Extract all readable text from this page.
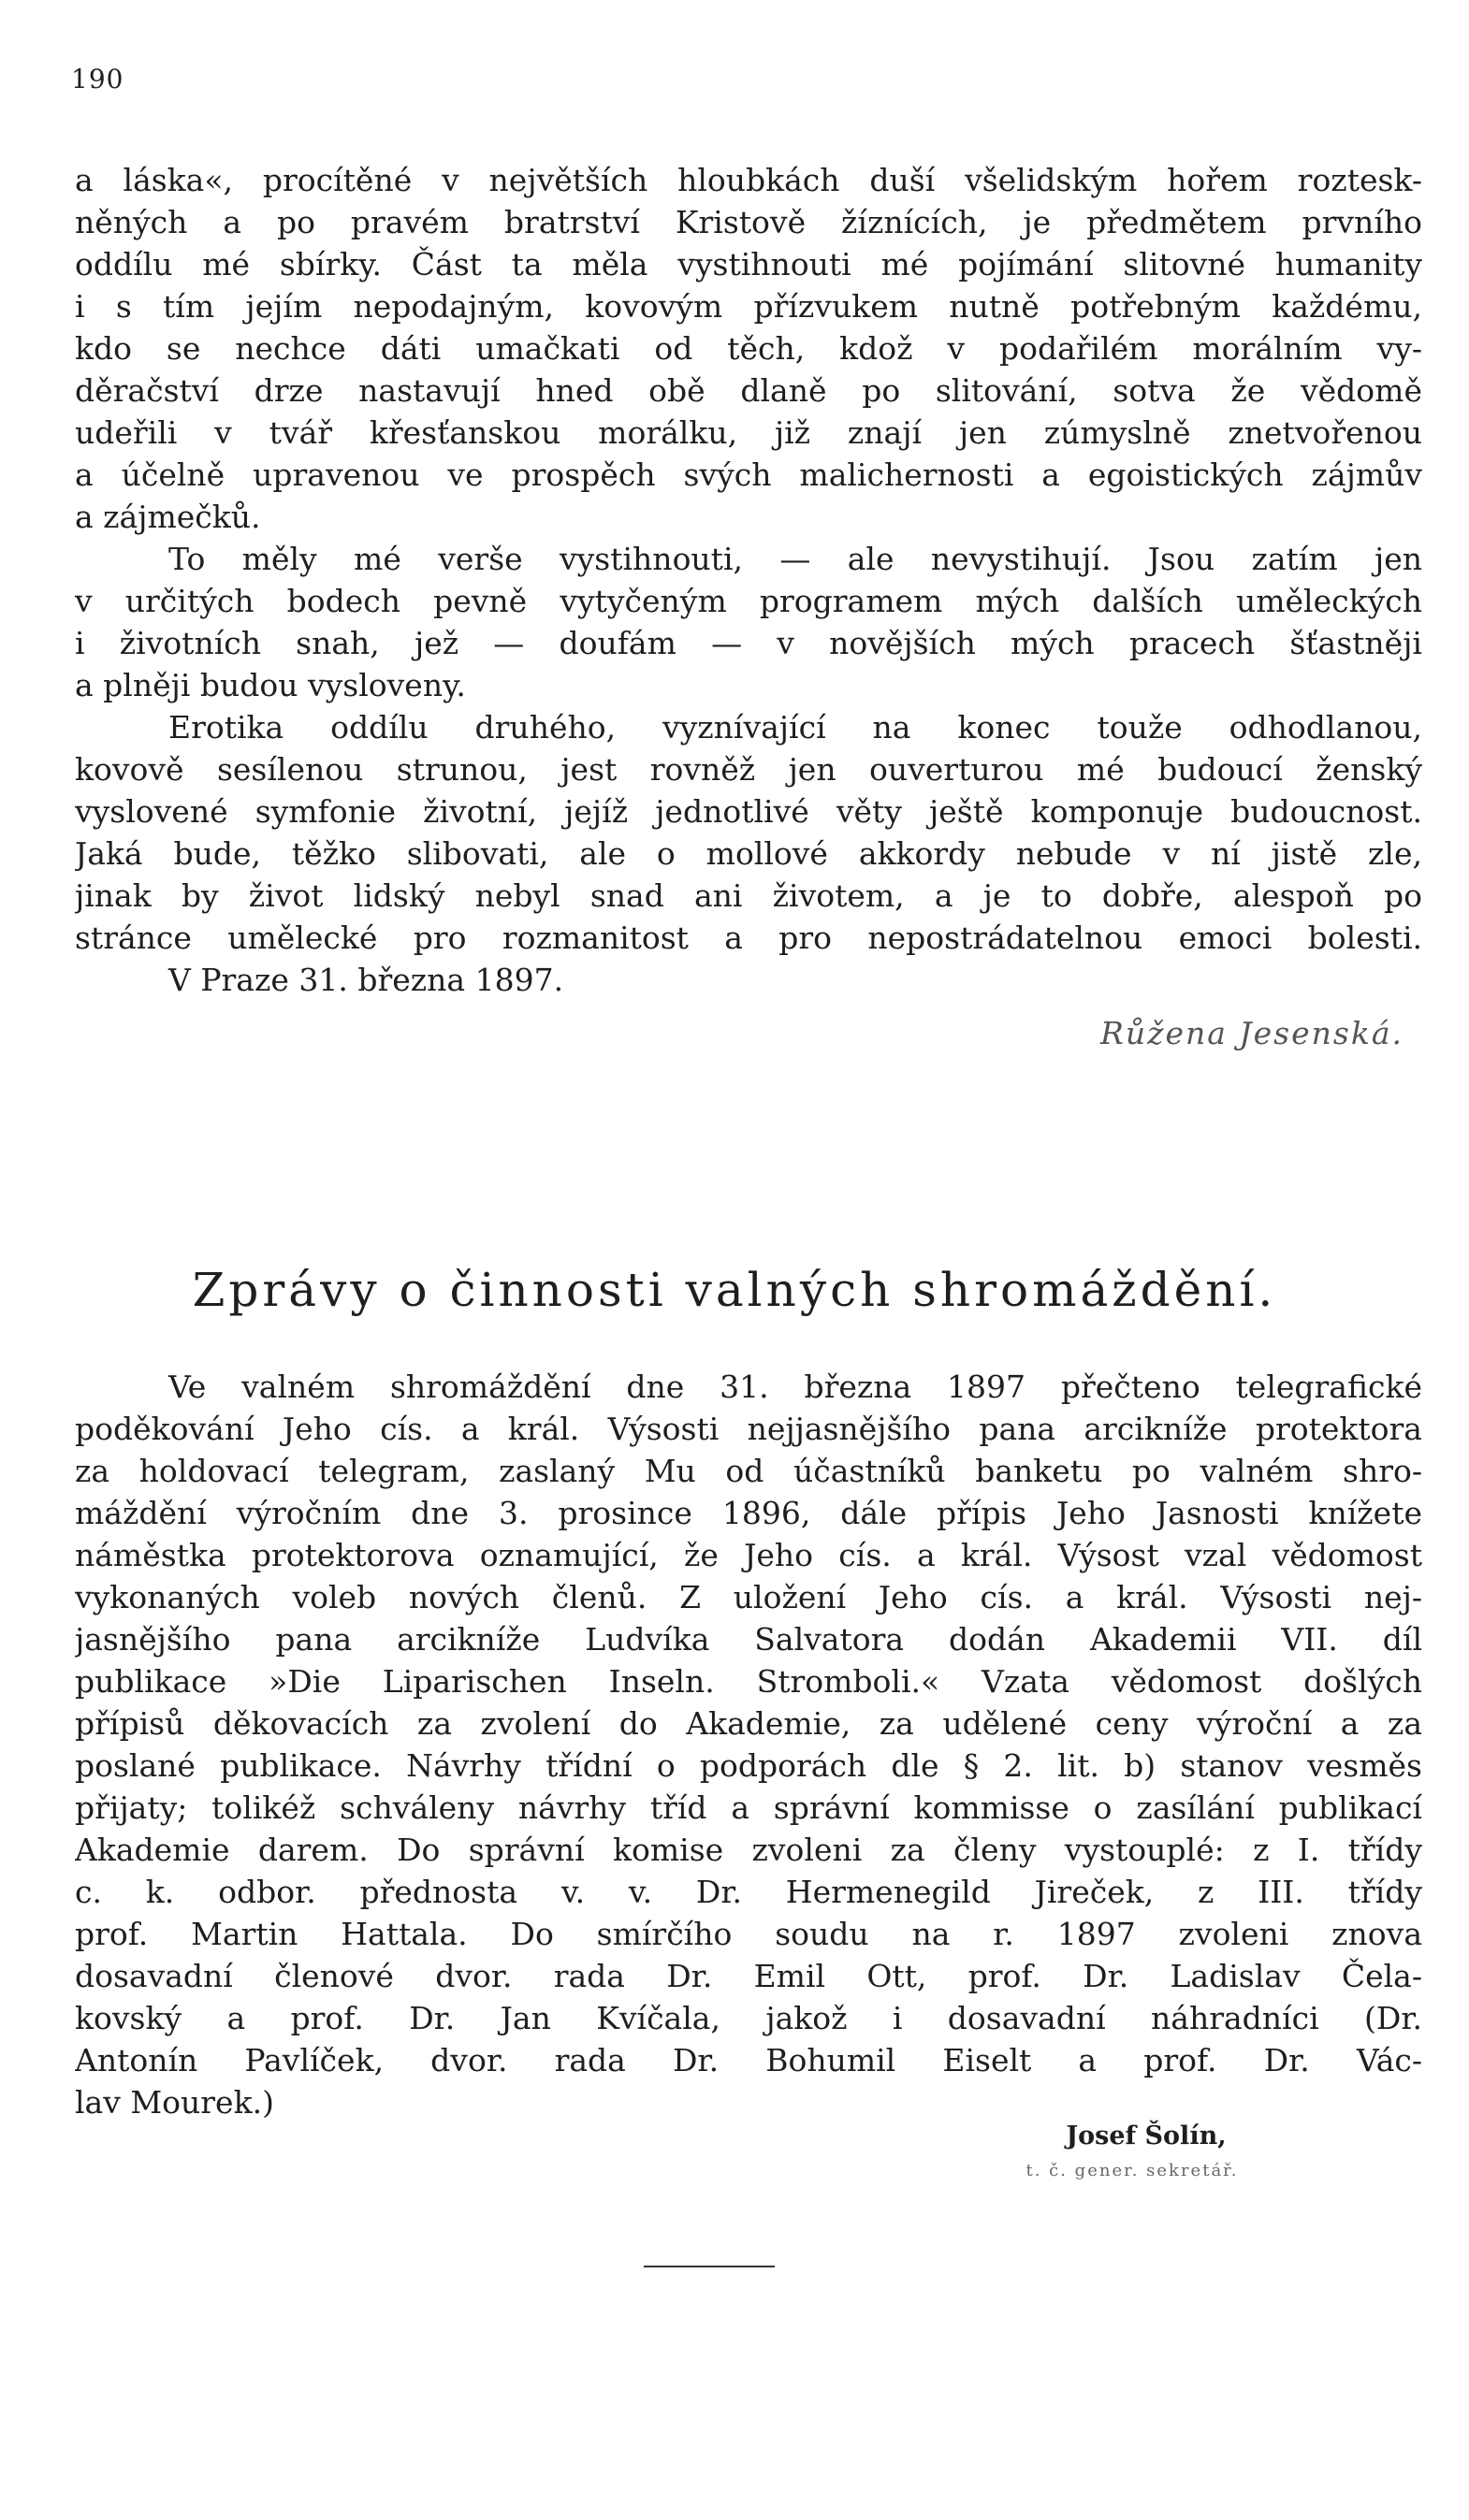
190
a láska«, procítěné v největších hloubkách duší všelidským hořem roztesk-
něných a po pravém bratrství Kristově žíznících, je předmětem prvního
oddílu mé sbírky. Část ta měla vystihnouti mé pojímání slitovné humanity
i s tím jejím nepodajným, kovovým přízvukem nutně potřebným každému,
kdo se nechce dáti umačkati od těch, kdož v podařilém morálním vy-
děračství drze nastavují hned obě dlaně po slitování, sotva že vědomě
udeřili v tvář křesťanskou morálku, již znají jen zúmyslně znetvořenou
a účelně upravenou ve prospěch svých malichernosti a egoistických zájmův
a zájmečků.
To měly mé verše vystihnouti, — ale nevystihují. Jsou zatím jen
v určitých bodech pevně vytyčeným programem mých dalších uměleckých
i životních snah, jež — doufám — v novějších mých pracech šťastněji
a plněji budou vysloveny.
Erotika oddílu druhého, vyznívající na konec touže odhodlanou,
kovově sesílenou strunou, jest rovněž jen ouverturou mé budoucí ženský
vyslovené symfonie životní, jejíž jednotlivé věty ještě komponuje budoucnost.
Jaká bude, těžko slibovati, ale o mollové akkordy nebude v ní jistě zle,
jinak by život lidský nebyl snad ani životem, a je to dobře, alespoň po
stránce umělecké pro rozmanitost a pro nepostrádatelnou emoci bolesti.
V Praze 31. března 1897.
Růžena Jesenská.
Zprávy o činnosti valných shromáždění.
Ve valném shromáždění dne 31. března 1897 přečteno telegrafické
poděkování Jeho cís. a král. Výsosti nejjasnějšího pana arcikníže protektora
za holdovací telegram, zaslaný Mu od účastníků banketu po valném shro-
máždění výročním dne 3. prosince 1896, dále přípis Jeho Jasnosti knížete
náměstka protektorova oznamující, že Jeho cís. a král. Výsost vzal vědomost
vykonaných voleb nových členů. Z uložení Jeho cís. a král. Výsosti nej-
jasnějšího pana arcikníže Ludvíka Salvatora dodán Akademii VII. díl
publikace »Die Liparischen Inseln. Stromboli.« Vzata vědomost došlých
přípisů děkovacích za zvolení do Akademie, za udělené ceny výroční a za
poslané publikace. Návrhy třídní o podporách dle § 2. lit. b) stanov vesměs
přijaty; tolikéž schváleny návrhy tříd a správní kommisse o zasílání publikací
Akademie darem. Do správní komise zvoleni za členy vystouplé: z I. třídy
c. k. odbor. přednosta v. v. Dr. Hermenegild Jireček, z III. třídy
prof. Martin Hattala. Do smírčího soudu na r. 1897 zvoleni znova
dosavadní členové dvor. rada Dr. Emil Ott, prof. Dr. Ladislav Čela-
kovský a prof. Dr. Jan Kvíčala, jakož i dosavadní náhradníci (Dr.
Antonín Pavlíček, dvor. rada Dr. Bohumil Eiselt a prof. Dr. Vác-
lav Mourek.)
Josef Šolín,
t. č. gener. sekretář.
